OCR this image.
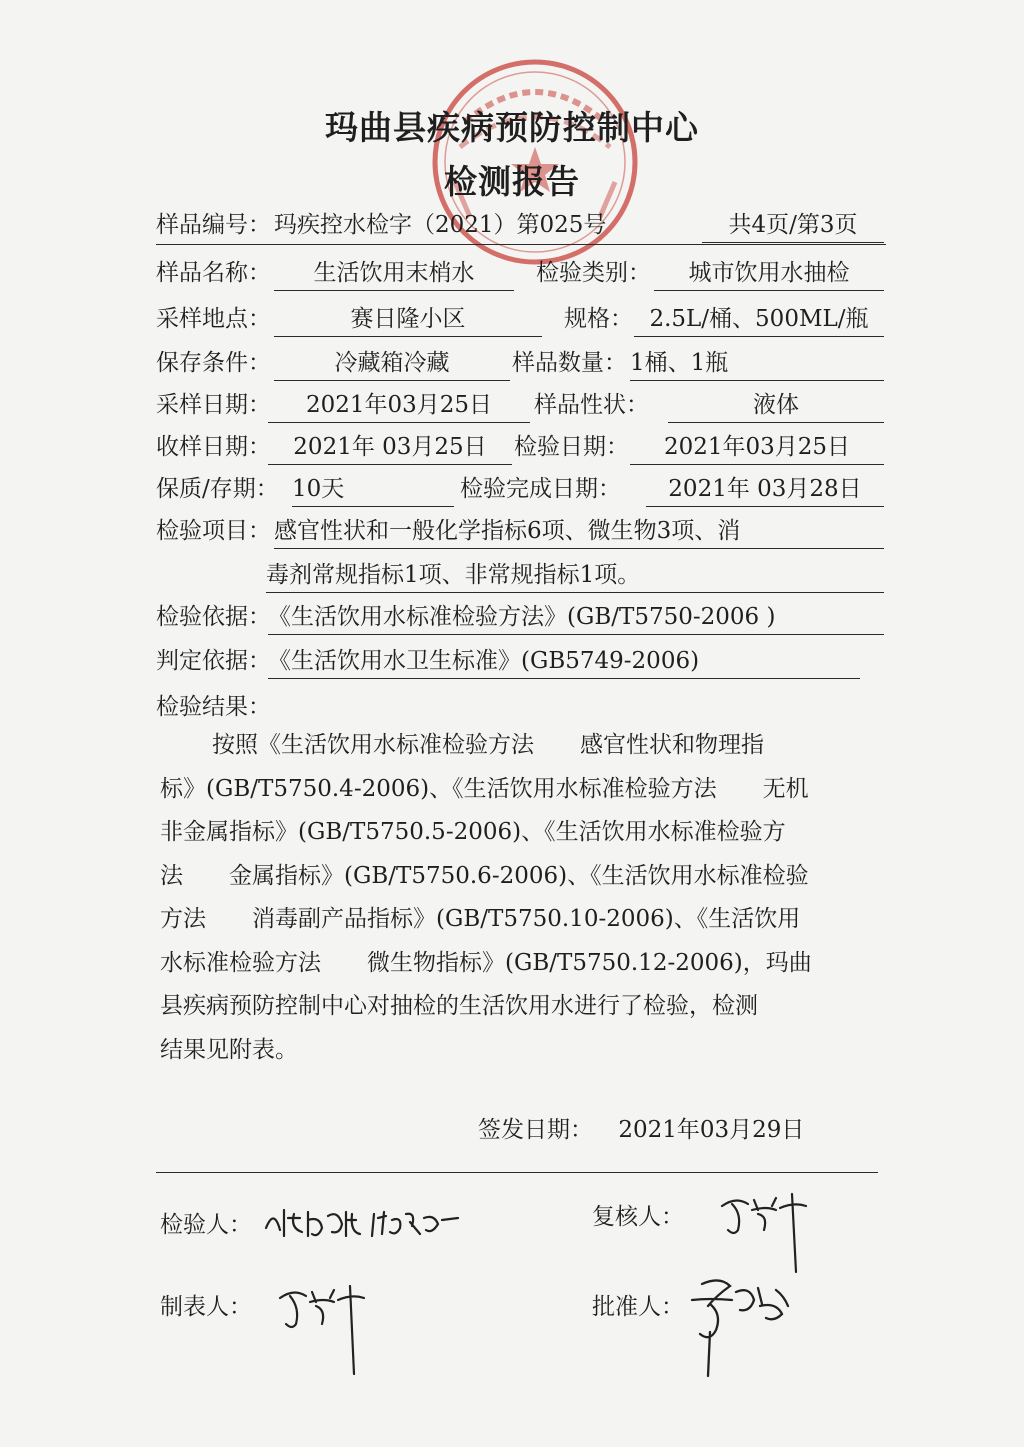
玛曲县疾病预防控制中心
检测报告
样品编号： 玛疾控水检字（2021）第025号	共4页/第3页
样品名称：	生活饮用末梢水	检验类别：	城市饮用水抽检
采样地点：	赛日隆小区	规格： 2.5L/桶、500ML/瓶
保存条件：	冷藏箱冷藏	样品数量： 1桶、1瓶
采样日期：	2021年03月25日	样品性状：	液体
收样日期： 2021年 03月25日	检验日期：	2021年03月25日
保质/存期： 10天	检验完成日期：	2021年 03月28日
检验项目： 感官性状和一般化学指标6项、微生物3项、消
毒剂常规指标1项、非常规指标1项。
检验依据：
《生活饮用水标准检验方法》(GB/T5750-2006 )
判定依据：
《生活饮用水卫生标准》(GB5749-2006)
检验结果：
按照《生活饮用水标准检验方法　　感官性状和物理指
标》(GB/T5750.4-2006)、《生活饮用水标准检验方法　　无机
非金属指标》(GB/T5750.5-2006)、《生活饮用水标准检验方
法　　金属指标》(GB/T5750.6-2006)、《生活饮用水标准检验
方法　　消毒副产品指标》(GB/T5750.10-2006)、《生活饮用
水标准检验方法　　微生物指标》(GB/T5750.12-2006)，玛曲
县疾病预防控制中心对抽检的生活饮用水进行了检验，检测
结果见附表。
签发日期： 2021年03月29日
检验人：	复核人：
制表人：	批准人：
